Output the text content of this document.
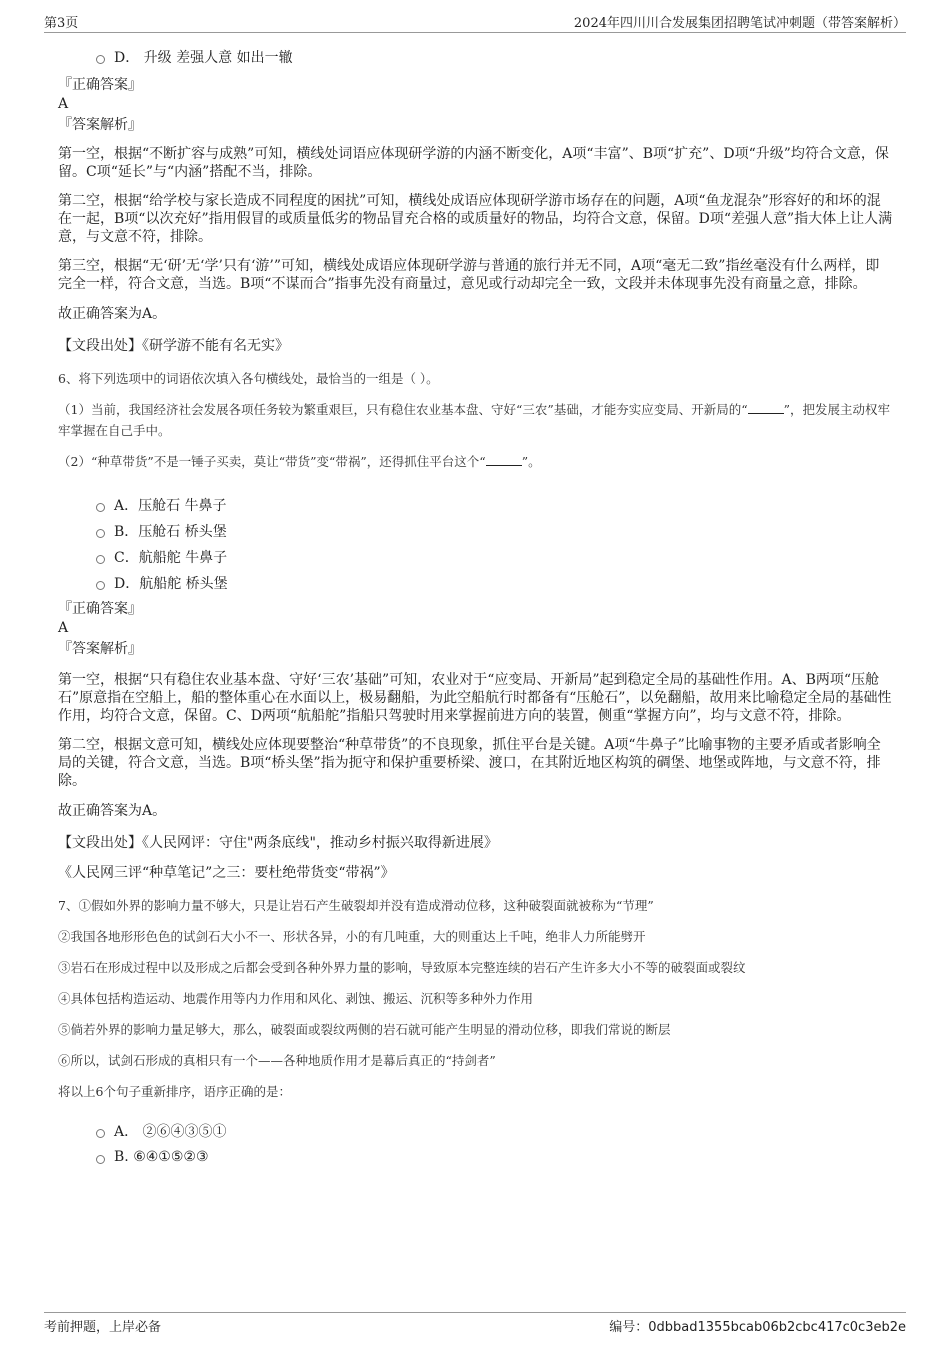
第3页	2024年四川川合发展集团招聘笔试冲刺题（带答案解析）
D． 升级 差强人意 如出一辙
『正确答案』
A
『答案解析』

第一空，根据“不断扩容与成熟”可知，横线处词语应体现研学游的内涵不断变化，A项“丰富”、B项“扩充”、D项“升级”均符合文意，保留。C项“延长”与“内涵”搭配不当，排除。

第二空，根据“给学校与家长造成不同程度的困扰”可知，横线处成语应体现研学游市场存在的问题，A项“鱼龙混杂”形容好的和坏的混在一起，B项“以次充好”指用假冒的或质量低劣的物品冒充合格的或质量好的物品，均符合文意，保留。D项“差强人意”指大体上让人满意，与文意不符，排除。

第三空，根据“无‘研’无‘学’只有‘游’”可知，横线处成语应体现研学游与普通的旅行并无不同，A项“毫无二致”指丝毫没有什么两样，即完全一样，符合文意，当选。B项“不谋而合”指事先没有商量过，意见或行动却完全一致，文段并未体现事先没有商量之意，排除。

故正确答案为A。

【文段出处】《研学游不能有名无实》

6、将下列选项中的词语依次填入各句横线处，最恰当的一组是（ ）。
（1）当前，我国经济社会发展各项任务较为繁重艰巨，只有稳住农业基本盘、守好“三农”基础，才能夯实应变局、开新局的“	”，把发展主动权牢牢掌握在自己手中。
（2）“种草带货”不是一锤子买卖，莫让“带货”变“带祸”，还得抓住平台这个“	”。
A．压舱石 牛鼻子
B．压舱石 桥头堡
C．航船舵 牛鼻子
D．航船舵 桥头堡
『正确答案』
A
『答案解析』

第一空，根据“只有稳住农业基本盘、守好‘三农’基础”可知，农业对于“应变局、开新局”起到稳定全局的基础性作用。A、B两项“压舱石”原意指在空船上，船的整体重心在水面以上，极易翻船，为此空船航行时都备有“压舱石”，以免翻船，故用来比喻稳定全局的基础性作用，均符合文意，保留。C、D两项“航船舵”指船只驾驶时用来掌握前进方向的装置，侧重“掌握方向”，均与文意不符，排除。

第二空，根据文意可知，横线处应体现要整治“种草带货”的不良现象，抓住平台是关键。A项“牛鼻子”比喻事物的主要矛盾或者影响全局的关键，符合文意，当选。B项“桥头堡”指为扼守和保护重要桥梁、渡口，在其附近地区构筑的碉堡、地堡或阵地，与文意不符，排除。

故正确答案为A。

【文段出处】《人民网评：守住"两条底线"，推动乡村振兴取得新进展》

《人民网三评“种草笔记”之三：要杜绝带货变“带祸”》

7、①假如外界的影响力量不够大，只是让岩石产生破裂却并没有造成滑动位移，这种破裂面就被称为“节理”
②我国各地形形色色的试剑石大小不一、形状各异，小的有几吨重，大的则重达上千吨，绝非人力所能劈开
③岩石在形成过程中以及形成之后都会受到各种外界力量的影响，导致原本完整连续的岩石产生许多大小不等的破裂面或裂纹
④具体包括构造运动、地震作用等内力作用和风化、剥蚀、搬运、沉积等多种外力作用
⑤倘若外界的影响力量足够大，那么，破裂面或裂纹两侧的岩石就可能产生明显的滑动位移，即我们常说的断层
⑥所以，试剑石形成的真相只有一个——各种地质作用才是幕后真正的“持剑者”
将以上6个句子重新排序，语序正确的是：
A． ②⑥④③⑤①
B. ⑥④①⑤②③
考前押题，上岸必备	编号：0dbbad1355bcab06b2cbc417c0c3eb2e
